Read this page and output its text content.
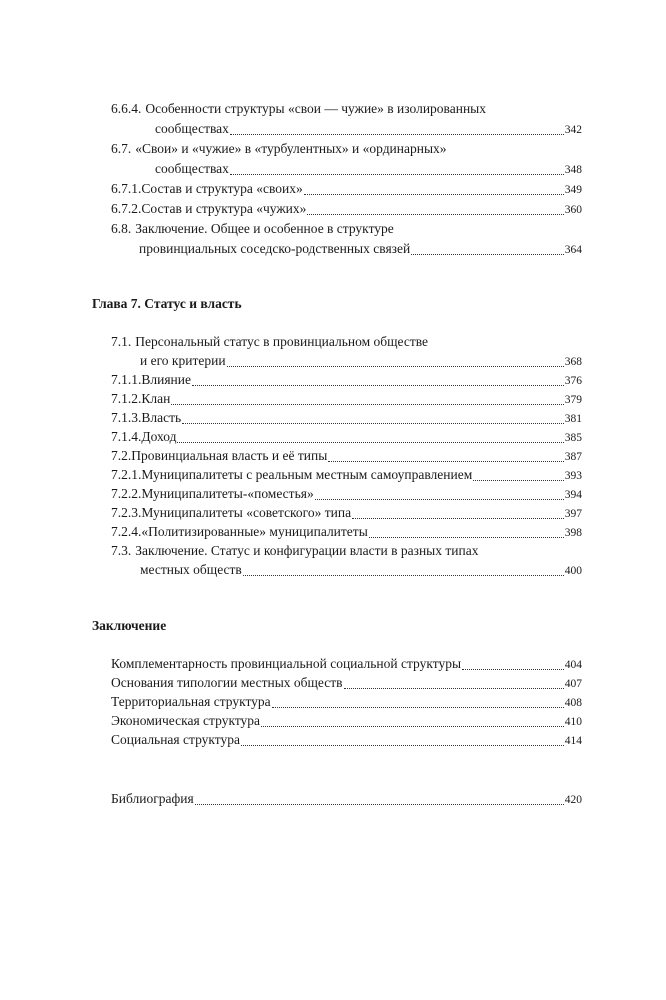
6.6.4. Особенности структуры «свои — чужие» в изолированных
сообществах	342
6.7. «Свои» и «чужие» в «турбулентных» и «ординарных»
сообществах	348
6.7.1. Состав и структура «своих»	349
6.7.2. Состав и структура «чужих»	360
6.8. Заключение. Общее и особенное в структуре
провинциальных соседско-родственных связей	364
Глава 7. Статус и власть
7.1. Персональный статус в провинциальном обществе
и его критерии	368
7.1.1. Влияние	376
7.1.2. Клан	379
7.1.3. Власть	381
7.1.4. Доход	385
7.2. Провинциальная власть и её типы	387
7.2.1. Муниципалитеты с реальным местным самоуправлением	393
7.2.2. Муниципалитеты-«поместья»	394
7.2.3. Муниципалитеты «советского» типа	397
7.2.4. «Политизированные» муниципалитеты	398
7.3. Заключение. Статус и конфигурации власти в разных типах
местных обществ	400
Заключение
Комплементарность провинциальной социальной структуры	404
Основания типологии местных обществ	407
Территориальная структура	408
Экономическая структура	410
Социальная структура	414
Библиография	420
